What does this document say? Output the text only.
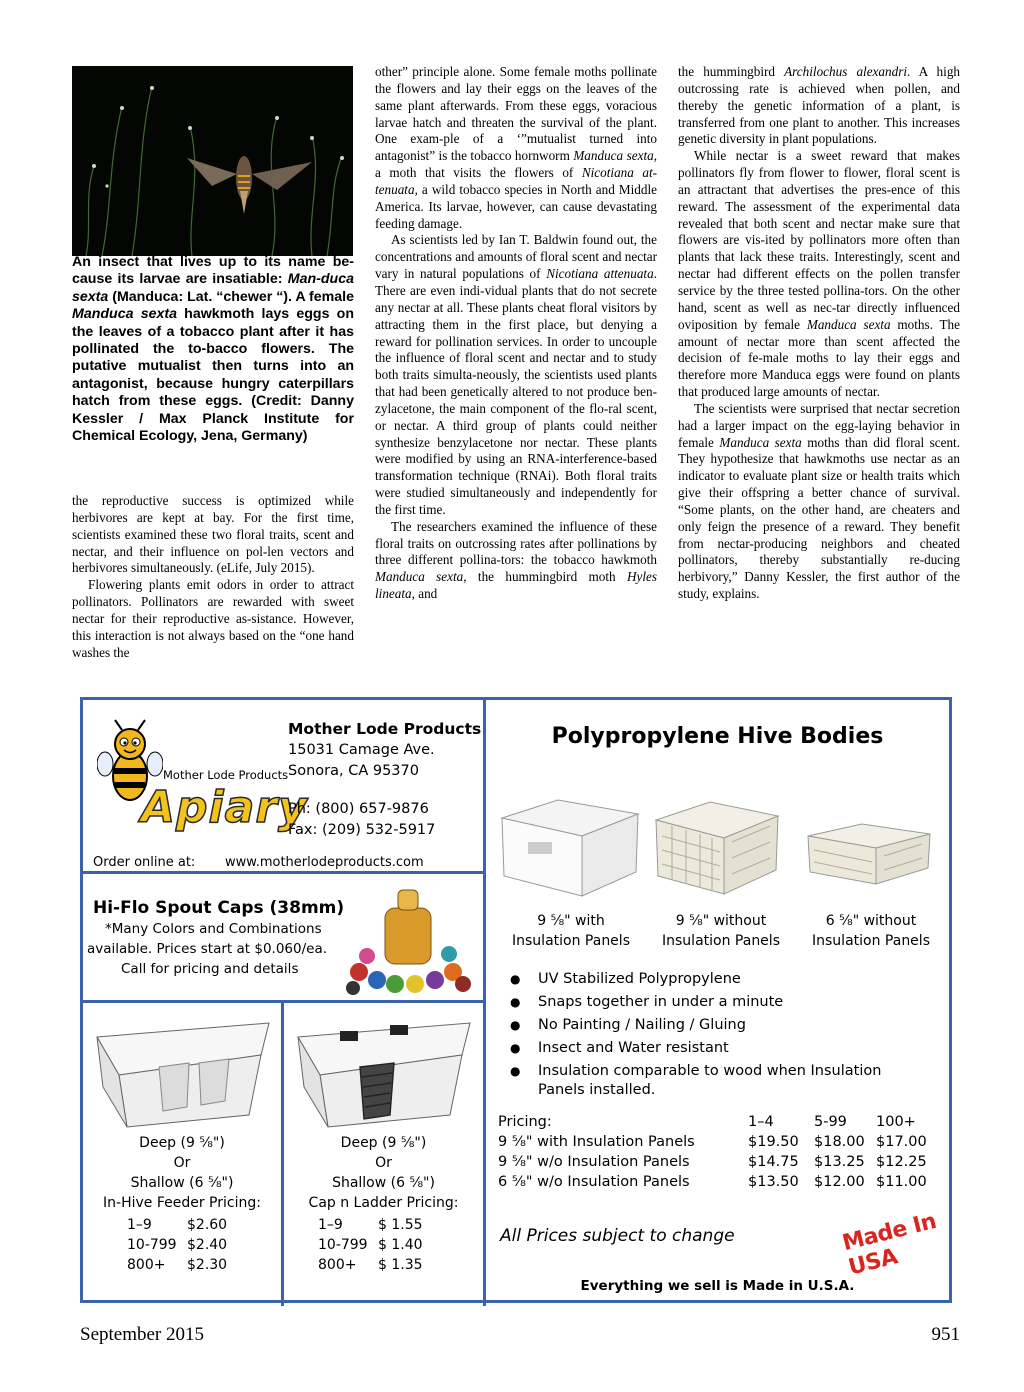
An insect that lives up to its name be-cause its larvae are insatiable: Man-duca sexta (Manduca: Lat. “chewer “). A female Manduca sexta hawkmoth lays eggs on the leaves of a tobacco plant after it has pollinated the to-bacco flowers. The putative mutualist then turns into an antagonist, because hungry caterpillars hatch from these eggs. (Credit: Danny Kessler / Max Planck Institute for Chemical Ecology, Jena, Germany)

the reproductive success is optimized while herbivores are kept at bay. For the first time, scientists examined these two floral traits, scent and nectar, and their influence on pol-len vectors and herbivores simultaneously. (eLife, July 2015).

Flowering plants emit odors in order to attract pollinators. Pollinators are rewarded with sweet nectar for their reproductive as-sistance. However, this interaction is not always based on the “one hand washes the

other” principle alone. Some female moths pollinate the flowers and lay their eggs on the leaves of the same plant afterwards. From these eggs, voracious larvae hatch and threaten the survival of the plant. One exam-ple of a ‘”mutualist turned into antagonist” is the tobacco hornworm Manduca sexta, a moth that visits the flowers of Nicotiana at-tenuata, a wild tobacco species in North and Middle America. Its larvae, however, can cause devastating feeding damage.

As scientists led by Ian T. Baldwin found out, the concentrations and amounts of floral scent and nectar vary in natural populations of Nicotiana attenuata. There are even indi-vidual plants that do not secrete any nectar at all. These plants cheat floral visitors by attracting them in the first place, but denying a reward for pollination services. In order to uncouple the influence of floral scent and nectar and to study both traits simulta-neously, the scientists used plants that had been genetically altered to not produce ben-zylacetone, the main component of the flo-ral scent, or nectar. A third group of plants could neither synthesize benzylacetone nor nectar. These plants were modified by using an RNA-interference-based transformation technique (RNAi). Both floral traits were studied simultaneously and independently for the first time.

The researchers examined the influence of these floral traits on outcrossing rates after pollinations by three different pollina-tors: the tobacco hawkmoth Manduca sexta, the hummingbird moth Hyles lineata, and

the hummingbird Archilochus alexandri. A high outcrossing rate is achieved when pollen, and thereby the genetic information of a plant, is transferred from one plant to another. This increases genetic diversity in plant populations.

While nectar is a sweet reward that makes pollinators fly from flower to flower, floral scent is an attractant that advertises the pres-ence of this reward. The assessment of the experimental data revealed that both scent and nectar make sure that flowers are vis-ited by pollinators more often than plants that lack these traits. Interestingly, scent and nectar had different effects on the pollen transfer service by the three tested pollina-tors. On the other hand, scent as well as nec-tar directly influenced oviposition by female Manduca sexta moths. The amount of nectar more than scent affected the decision of fe-male moths to lay their eggs and therefore more Manduca eggs were found on plants that produced large amounts of nectar.

The scientists were surprised that nectar secretion had a larger impact on the egg-laying behavior in female Manduca sexta moths than did floral scent. They hypothesize that hawkmoths use nectar as an indicator to evaluate plant size or health traits which give their offspring a better chance of survival. “Some plants, on the other hand, are cheaters and only feign the presence of a reward. They benefit from nectar-producing neighbors and cheated pollinators, thereby substantially re-ducing herbivory,” Danny Kessler, the first author of the study, explains.

Mother Lode Products
Apiary
Mother Lode Products
15031 Camage Ave.
Sonora, CA 95370
Ph: (800) 657-9876
Fax: (209) 532-5917
Order online at: www.motherlodeproducts.com
Hi-Flo Spout Caps (38mm)
*Many Colors and Combinations
available. Prices start at $0.060/ea.
Call for pricing and details
Deep (9 ⅝")
Or
Shallow (6 ⅝")
In-Hive Feeder Pricing:
1–9	$2.60
10-799 $2.40
800+	$2.30
Deep (9 ⅝")
Or
Shallow (6 ⅝")
Cap n Ladder Pricing:
1–9	$ 1.55
10-799 $ 1.40
800+	$ 1.35
Polypropylene Hive Bodies
9 ⅝" with
Insulation Panels
9 ⅝" without
Insulation Panels
6 ⅝" without
Insulation Panels
● UV Stabilized Polypropylene
● Snaps together in under a minute
● No Painting / Nailing / Gluing
● Insect and Water resistant
● Insulation comparable to wood when Insulation Panels installed.
Pricing:	1–4	5-99	100+
9 ⅝" with Insulation Panels	$19.50	$18.00 $17.00
9 ⅝" w/o Insulation Panels	$14.75	$13.25 $12.25
6 ⅝" w/o Insulation Panels	$13.50	$12.00 $11.00
All Prices subject to change	Made In USA
Everything we sell is Made in U.S.A.
September 2015	951
